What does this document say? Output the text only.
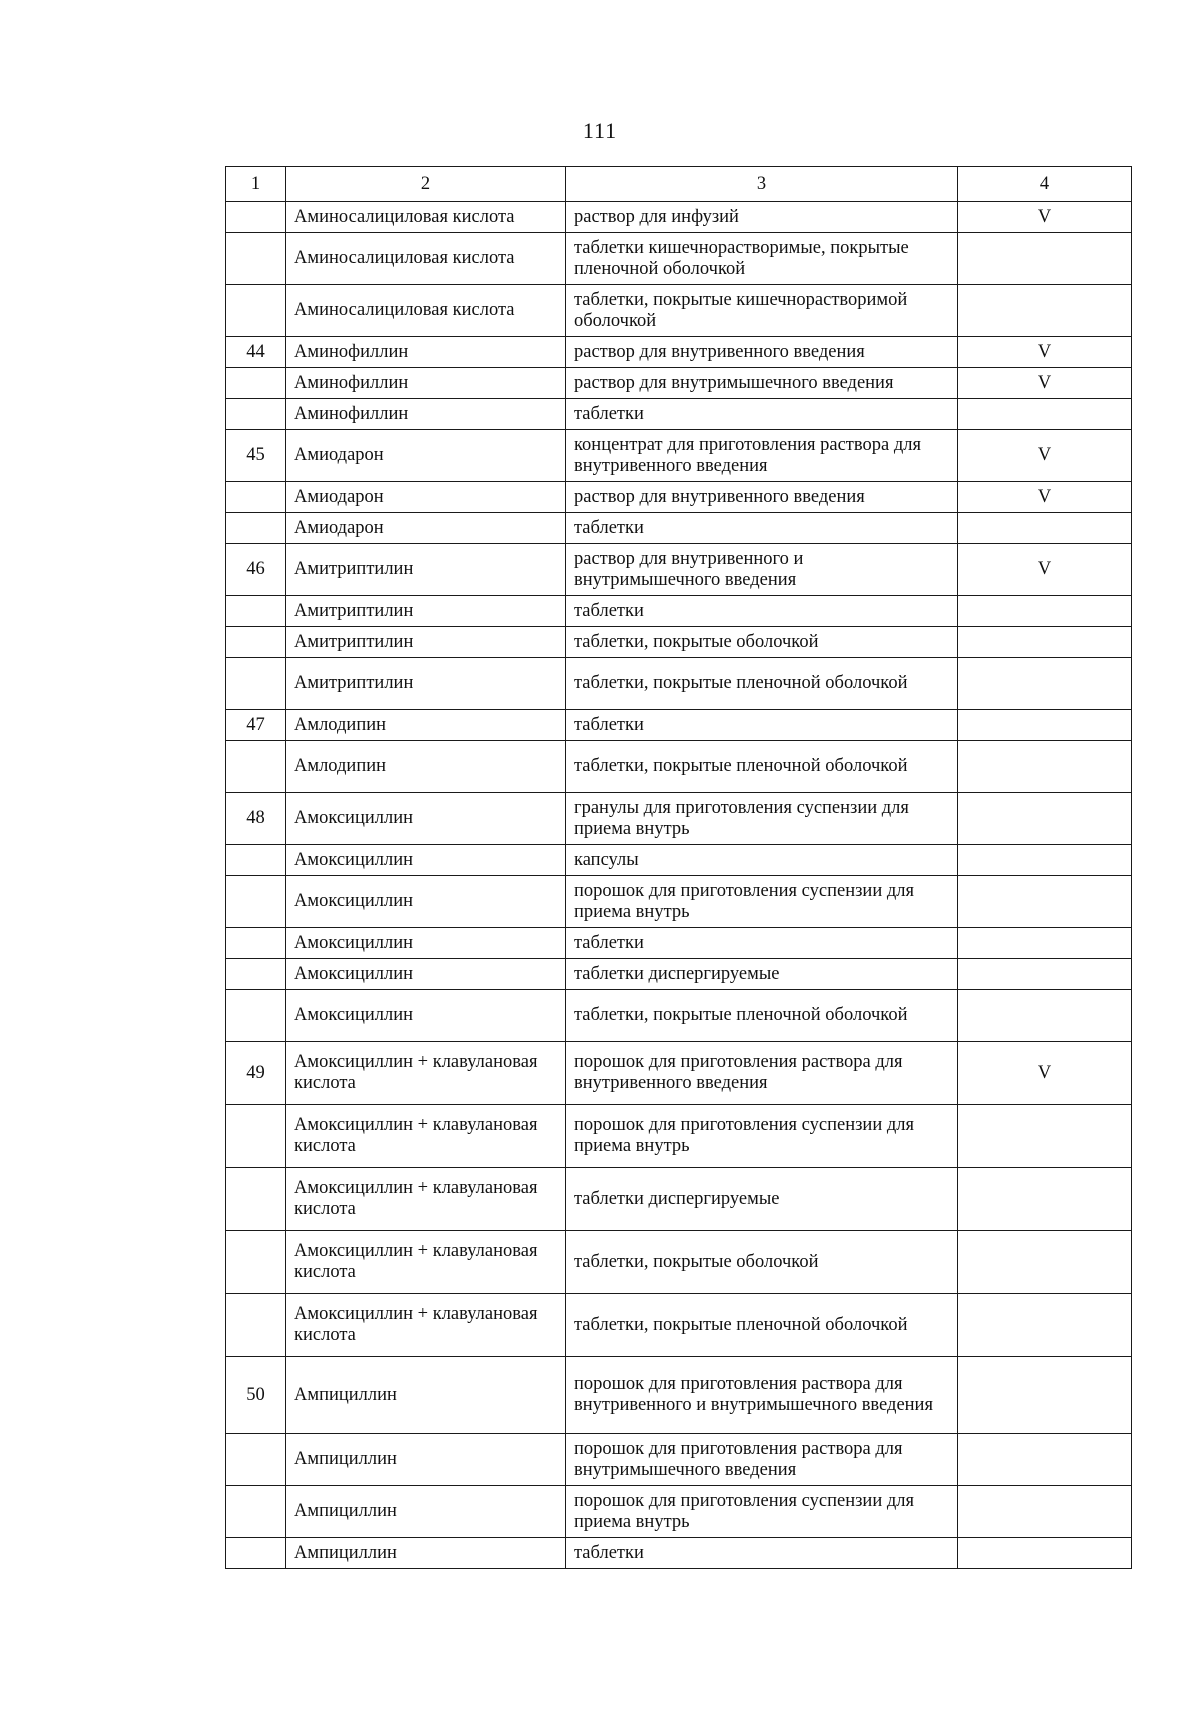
111
1	2	3	4
	Аминосалициловая кислота	раствор для инфузий	V
	Аминосалициловая кислота	таблетки кишечнорастворимые, покрытые пленочной оболочкой	
	Аминосалициловая кислота	таблетки, покрытые кишечнорастворимой оболочкой	
44	Аминофиллин	раствор для внутривенного введения	V
	Аминофиллин	раствор для внутримышечного введения	V
	Аминофиллин	таблетки	
45	Амиодарон	концентрат для приготовления раствора для внутривенного введения	V
	Амиодарон	раствор для внутривенного введения	V
	Амиодарон	таблетки	
46	Амитриптилин	раствор для внутривенного и внутримышечного введения	V
	Амитриптилин	таблетки	
	Амитриптилин	таблетки, покрытые оболочкой	
	Амитриптилин	таблетки, покрытые пленочной оболочкой	
47	Амлодипин	таблетки	
	Амлодипин	таблетки, покрытые пленочной оболочкой	
48	Амоксициллин	гранулы для приготовления суспензии для приема внутрь	
	Амоксициллин	капсулы	
	Амоксициллин	порошок для приготовления суспензии для приема внутрь	
	Амоксициллин	таблетки	
	Амоксициллин	таблетки диспергируемые	
	Амоксициллин	таблетки, покрытые пленочной оболочкой	
49	Амоксициллин + клавулановая кислота	порошок для приготовления раствора для внутривенного введения	V
	Амоксициллин + клавулановая кислота	порошок для приготовления суспензии для приема внутрь	
	Амоксициллин + клавулановая кислота	таблетки диспергируемые	
	Амоксициллин + клавулановая кислота	таблетки, покрытые оболочкой	
	Амоксициллин + клавулановая кислота	таблетки, покрытые пленочной оболочкой	
50	Ампициллин	порошок для приготовления раствора для внутривенного и внутримышечного введения	
	Ампициллин	порошок для приготовления раствора для внутримышечного введения	
	Ампициллин	порошок для приготовления суспензии для приема внутрь	
	Ампициллин	таблетки	
